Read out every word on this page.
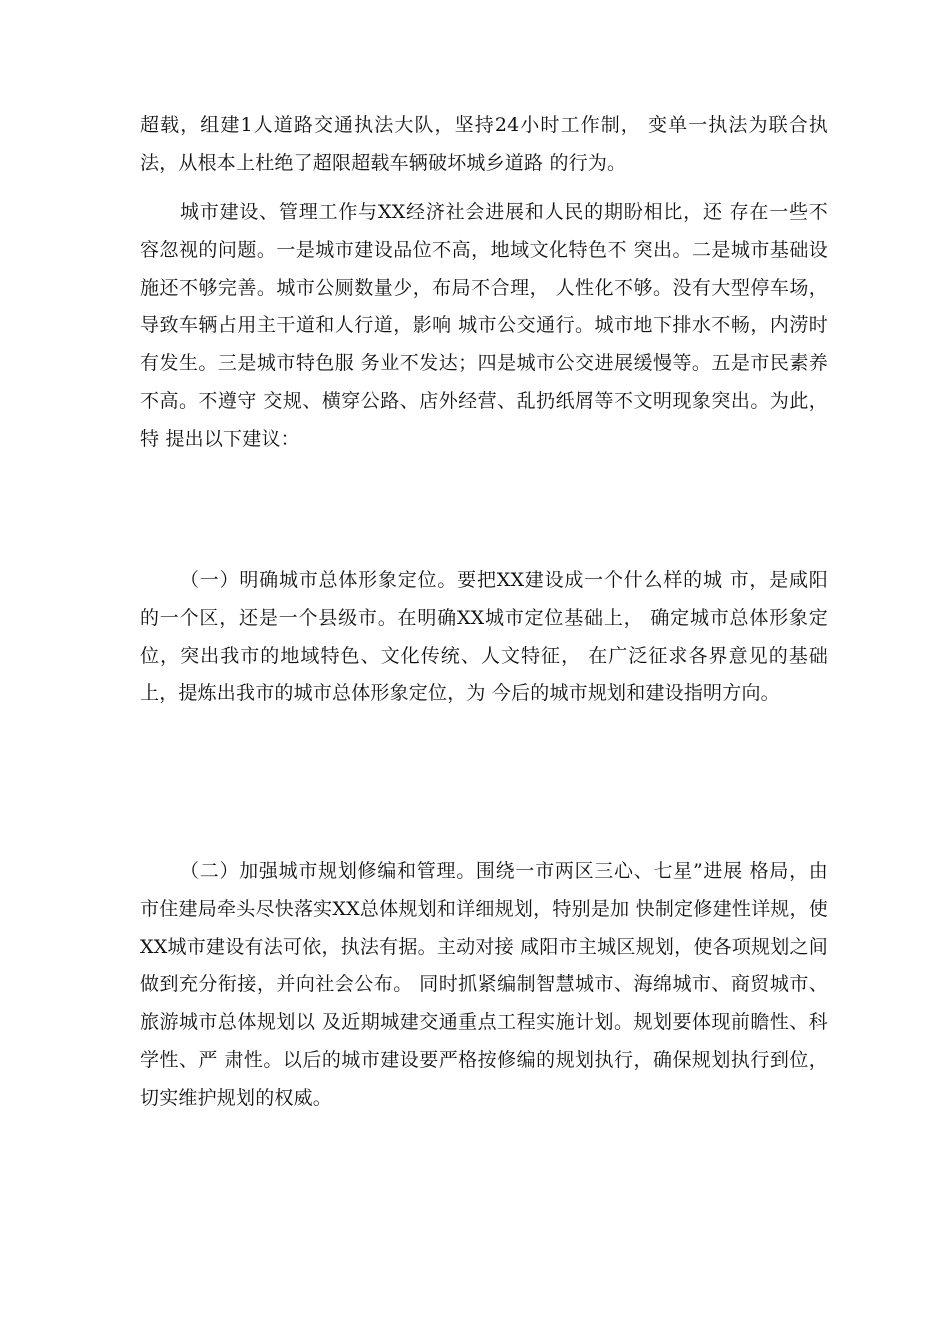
超载，组建1人道路交通执法大队，坚持24小时工作制， 变单一执法为联合执法，从根本上杜绝了超限超载车辆破坏城乡道路 的行为。

城市建设、管理工作与XX经济社会进展和人民的期盼相比，还 存在一些不容忽视的问题。一是城市建设品位不高，地域文化特色不 突出。二是城市基础设施还不够完善。城市公厕数量少，布局不合理， 人性化不够。没有大型停车场，导致车辆占用主干道和人行道，影响 城市公交通行。城市地下排水不畅，内涝时有发生。三是城市特色服 务业不发达；四是城市公交进展缓慢等。五是市民素养不高。不遵守 交规、横穿公路、店外经营、乱扔纸屑等不文明现象突出。为此，特 提出以下建议：

（一）明确城市总体形象定位。要把XX建设成一个什么样的城 市，是咸阳的一个区，还是一个县级市。在明确XX城市定位基础上， 确定城市总体形象定位，突出我市的地域特色、文化传统、人文特征， 在广泛征求各界意见的基础上，提炼出我市的城市总体形象定位，为 今后的城市规划和建设指明方向。

（二）加强城市规划修编和管理。围绕一市两区三心、七星”进展 格局，由市住建局牵头尽快落实XX总体规划和详细规划，特别是加 快制定修建性详规，使XX城市建设有法可依，执法有据。主动对接 咸阳市主城区规划，使各项规划之间做到充分衔接，并向社会公布。 同时抓紧编制智慧城市、海绵城市、商贸城市、旅游城市总体规划以 及近期城建交通重点工程实施计划。规划要体现前瞻性、科学性、严 肃性。以后的城市建设要严格按修编的规划执行，确保规划执行到位， 切实维护规划的权威。
